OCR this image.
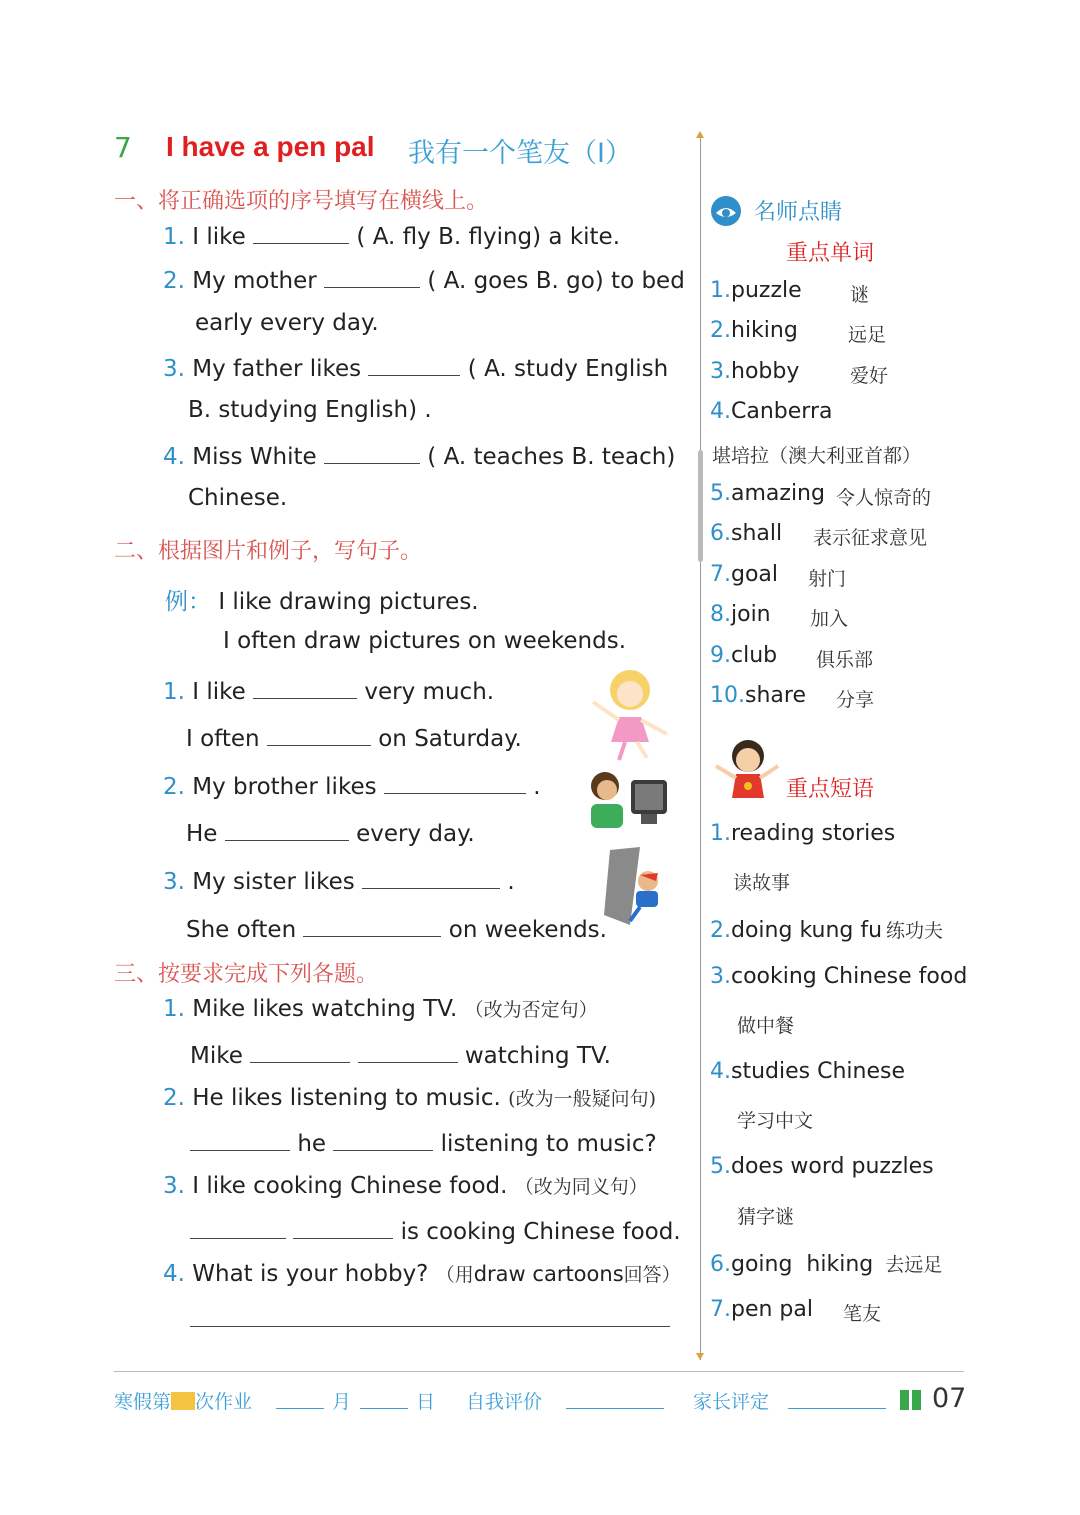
7 I have a pen pal 我有一个笔友（Ⅰ）
一、将正确选项的序号填写在横线上。
1. I like	( A. fly B. flying) a kite.
2. My mother	( A. goes B. go) to bed
early every day.
3. My father likes	( A. study English
B. studying English) .
4. Miss White	( A. teaches B. teach)
Chinese.
二、根据图片和例子，写句子。
例： I like drawing pictures.
I often draw pictures on weekends.
1. I like	very much.
I often	on Saturday.
2. My brother likes	.
He	every day.
3. My sister likes	.
She often	on weekends.
三、按要求完成下列各题。
1. Mike likes watching TV. （改为否定句）
Mike	watching TV.
2. He likes listening to music. (改为一般疑问句)
he	listening to music?
3. I like cooking Chinese food. （改为同义句）
is cooking Chinese food.
4. What is your hobby? （用draw cartoons回答）
名师点睛
重点单词
1.puzzle	谜
2.hiking	远足
3.hobby	爱好
4.Canberra
堪培拉（澳大利亚首都）
5.amazing 令人惊奇的
6.shall 表示征求意见
7.goal 射门
8.join 加入
9.club 俱乐部
10.share 分享
重点短语
1.reading stories
读故事
2.doing kung fu 练功夫
3.cooking Chinese food
做中餐
4.studies Chinese
学习中文
5.does word puzzles
猜字谜
6.going  hiking 去远足
7.pen pal 笔友
寒假第 次作业	月	日 自我评价	家长评定	07
